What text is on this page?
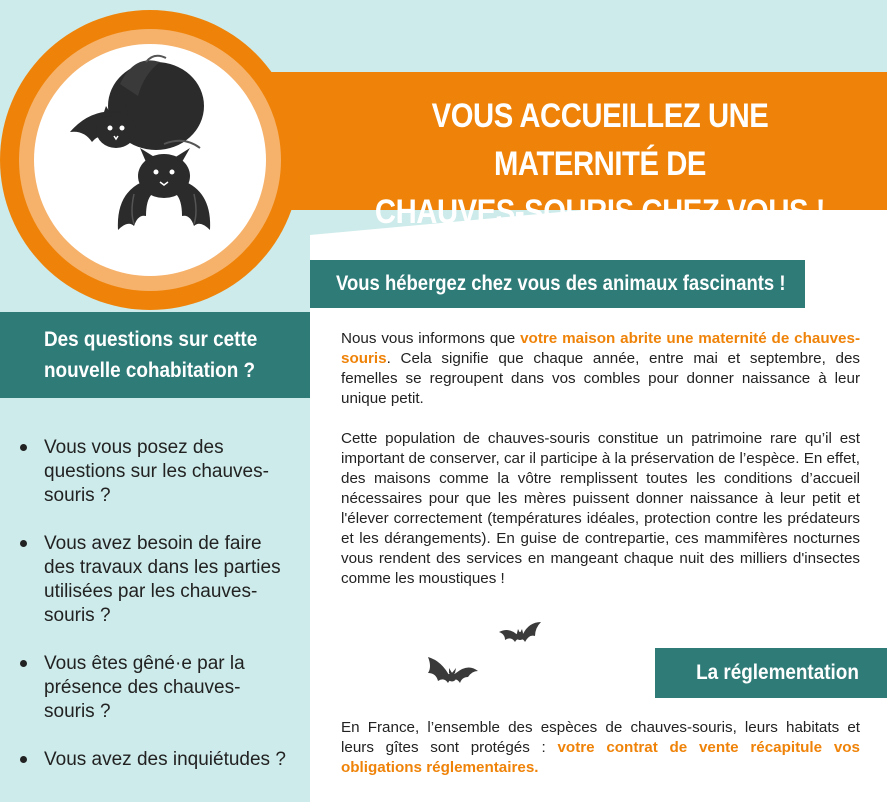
VOUS ACCUEILLEZ UNE MATERNITÉ DE
CHAUVES-SOURIS CHEZ VOUS !
Vous hébergez chez vous des animaux fascinants !
Des questions sur cette nouvelle cohabitation ?
Vous vous posez des questions sur les chauves-souris ?
Vous avez besoin de faire des travaux dans les parties utilisées par les chauves-souris ?
Vous êtes gêné·e par la présence des chauves-souris ?
Vous avez des inquiétudes ?

Nous vous informons que votre maison abrite une maternité de chauves-souris. Cela signifie que chaque année, entre mai et septembre, des femelles se regroupent dans vos combles pour donner naissance à leur unique petit.

Cette population de chauves-souris constitue un patrimoine rare qu’il est important de conserver, car il participe à la préservation de l’espèce. En effet, des maisons comme la vôtre remplissent toutes les conditions d’accueil nécessaires pour que les mères puissent donner naissance à leur petit et l'élever correctement (températures idéales, protection contre les prédateurs et les dérangements). En guise de contrepartie, ces mammifères nocturnes vous rendent des services en mangeant chaque nuit des milliers d'insectes comme les moustiques !

La réglementation

En France, l’ensemble des espèces de chauves-souris, leurs habitats et leurs gîtes sont protégés : votre contrat de vente récapitule vos obligations réglementaires.
